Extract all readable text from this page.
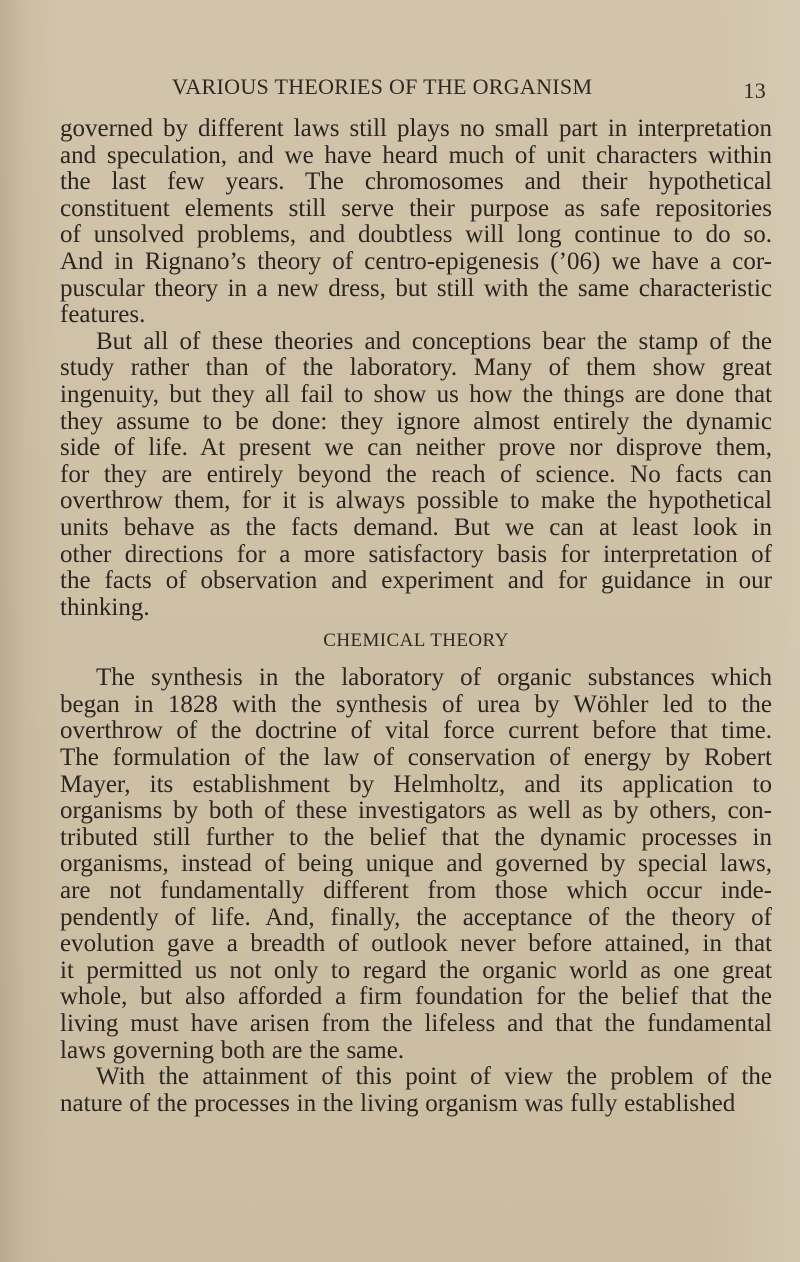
VARIOUS THEORIES OF THE ORGANISM	13
governed by different laws still plays no small part in interpretation
and speculation, and we have heard much of unit characters within
the last few years. The chromosomes and their hypothetical
constituent elements still serve their purpose as safe repositories
of unsolved problems, and doubtless will long continue to do so.
And in Rignano’s theory of centro-epigenesis (’06) we have a cor-
puscular theory in a new dress, but still with the same characteristic
features.
But all of these theories and conceptions bear the stamp of the
study rather than of the laboratory. Many of them show great
ingenuity, but they all fail to show us how the things are done that
they assume to be done: they ignore almost entirely the dynamic
side of life. At present we can neither prove nor disprove them,
for they are entirely beyond the reach of science. No facts can
overthrow them, for it is always possible to make the hypothetical
units behave as the facts demand. But we can at least look in
other directions for a more satisfactory basis for interpretation of
the facts of observation and experiment and for guidance in our
thinking.
CHEMICAL THEORY
The synthesis in the laboratory of organic substances which
began in 1828 with the synthesis of urea by Wöhler led to the
overthrow of the doctrine of vital force current before that time.
The formulation of the law of conservation of energy by Robert
Mayer, its establishment by Helmholtz, and its application to
organisms by both of these investigators as well as by others, con-
tributed still further to the belief that the dynamic processes in
organisms, instead of being unique and governed by special laws,
are not fundamentally different from those which occur inde-
pendently of life. And, finally, the acceptance of the theory of
evolution gave a breadth of outlook never before attained, in that
it permitted us not only to regard the organic world as one great
whole, but also afforded a firm foundation for the belief that the
living must have arisen from the lifeless and that the fundamental
laws governing both are the same.
With the attainment of this point of view the problem of the
nature of the processes in the living organism was fully established
